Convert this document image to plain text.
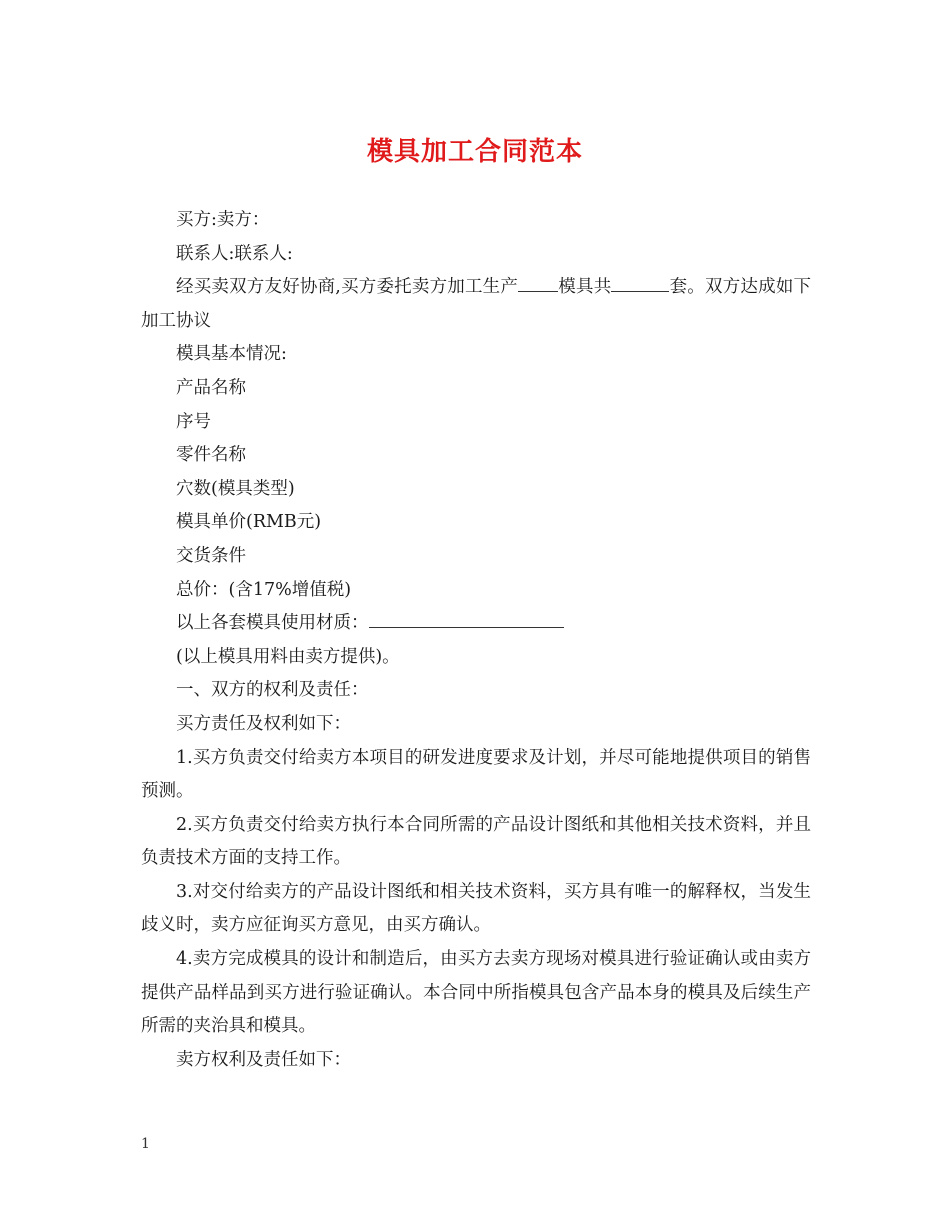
模具加工合同范本

买方:卖方：

联系人:联系人:

经买卖双方友好协商,买方委托卖方加工生产 模具共	套。双方达成如下加工协议

模具基本情况:

产品名称

序号

零件名称

穴数(模具类型)

模具单价(RMB元)

交货条件

总价：(含17%增值税)

以上各套模具使用材质：

(以上模具用料由卖方提供)。

一、双方的权利及责任：

买方责任及权利如下：

1.买方负责交付给卖方本项目的研发进度要求及计划，并尽可能地提供项目的销售预测。

2.买方负责交付给卖方执行本合同所需的产品设计图纸和其他相关技术资料，并且负责技术方面的支持工作。

3.对交付给卖方的产品设计图纸和相关技术资料，买方具有唯一的解释权，当发生歧义时，卖方应征询买方意见，由买方确认。

4.卖方完成模具的设计和制造后，由买方去卖方现场对模具进行验证确认或由卖方提供产品样品到买方进行验证确认。本合同中所指模具包含产品本身的模具及后续生产所需的夹治具和模具。

卖方权利及责任如下：

1
